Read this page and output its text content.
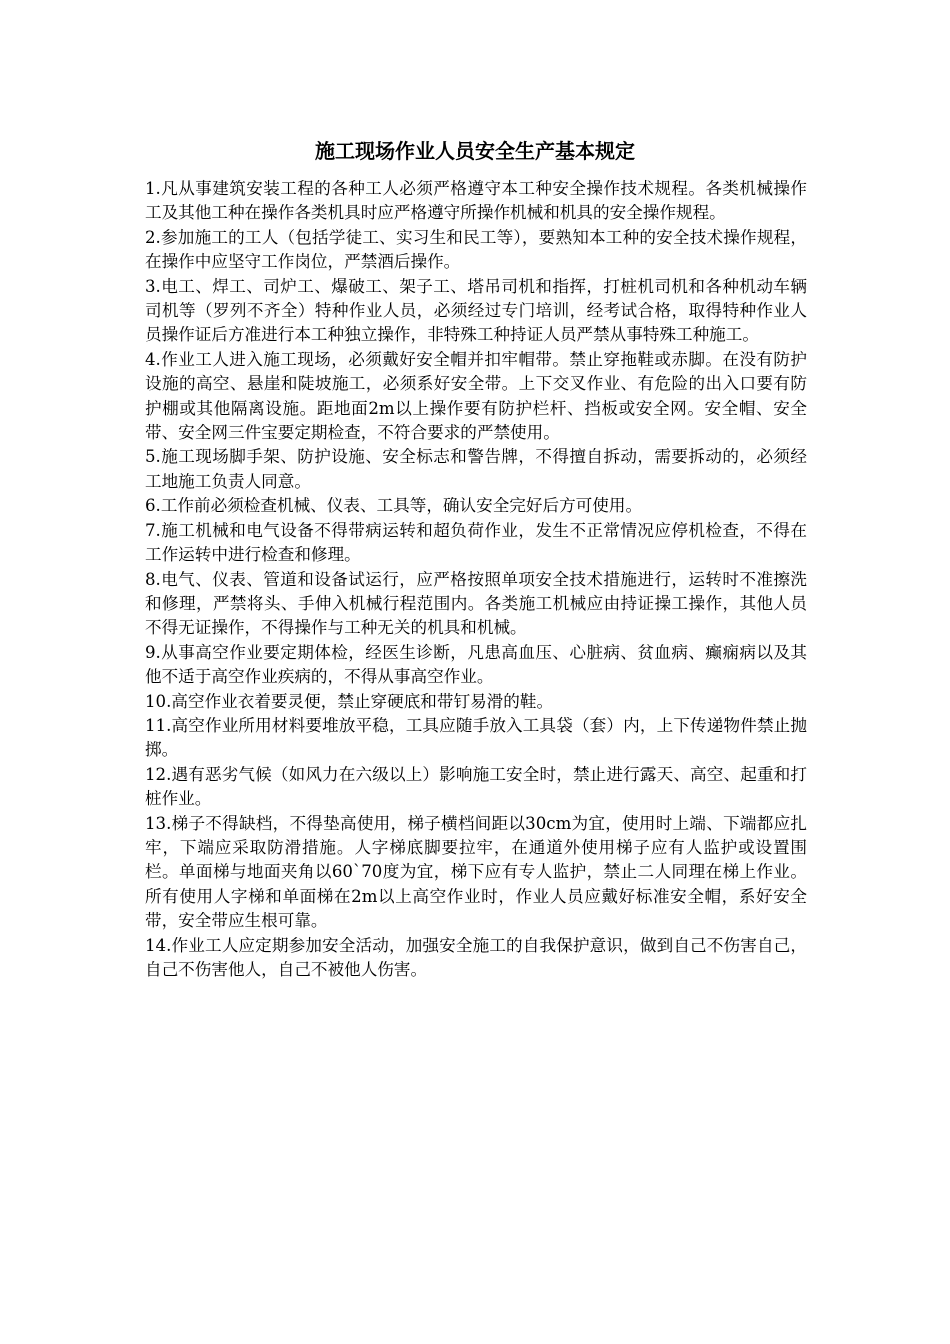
施工现场作业人员安全生产基本规定

1.凡从事建筑安装工程的各种工人必须严格遵守本工种安全操作技术规程。各类机械操作工及其他工种在操作各类机具时应严格遵守所操作机械和机具的安全操作规程。

2.参加施工的工人（包括学徒工、实习生和民工等），要熟知本工种的安全技术操作规程，在操作中应坚守工作岗位，严禁酒后操作。

3.电工、焊工、司炉工、爆破工、架子工、塔吊司机和指挥，打桩机司机和各种机动车辆司机等（罗列不齐全）特种作业人员，必须经过专门培训，经考试合格，取得特种作业人员操作证后方准进行本工种独立操作，非特殊工种持证人员严禁从事特殊工种施工。

4.作业工人进入施工现场，必须戴好安全帽并扣牢帽带。禁止穿拖鞋或赤脚。在没有防护设施的高空、悬崖和陡坡施工，必须系好安全带。上下交叉作业、有危险的出入口要有防护棚或其他隔离设施。距地面2m以上操作要有防护栏杆、挡板或安全网。安全帽、安全带、安全网三件宝要定期检查，不符合要求的严禁使用。

5.施工现场脚手架、防护设施、安全标志和警告牌，不得擅自拆动，需要拆动的，必须经工地施工负责人同意。

6.工作前必须检查机械、仪表、工具等，确认安全完好后方可使用。

7.施工机械和电气设备不得带病运转和超负荷作业，发生不正常情况应停机检查，不得在工作运转中进行检查和修理。

8.电气、仪表、管道和设备试运行，应严格按照单项安全技术措施进行，运转时不准擦洗和修理，严禁将头、手伸入机械行程范围内。各类施工机械应由持证操工操作，其他人员不得无证操作，不得操作与工种无关的机具和机械。

9.从事高空作业要定期体检，经医生诊断，凡患高血压、心脏病、贫血病、癫痫病以及其他不适于高空作业疾病的，不得从事高空作业。

10.高空作业衣着要灵便，禁止穿硬底和带钉易滑的鞋。

11.高空作业所用材料要堆放平稳，工具应随手放入工具袋（套）内，上下传递物件禁止抛掷。

12.遇有恶劣气候（如风力在六级以上）影响施工安全时，禁止进行露天、高空、起重和打桩作业。

13.梯子不得缺档，不得垫高使用，梯子横档间距以30cm为宜，使用时上端、下端都应扎牢，下端应采取防滑措施。人字梯底脚要拉牢，在通道外使用梯子应有人监护或设置围栏。单面梯与地面夹角以60`70度为宜，梯下应有专人监护，禁止二人同理在梯上作业。所有使用人字梯和单面梯在2m以上高空作业时，作业人员应戴好标准安全帽，系好安全带，安全带应生根可靠。

14.作业工人应定期参加安全活动，加强安全施工的自我保护意识，做到自己不伤害自己，自己不伤害他人，自己不被他人伤害。
